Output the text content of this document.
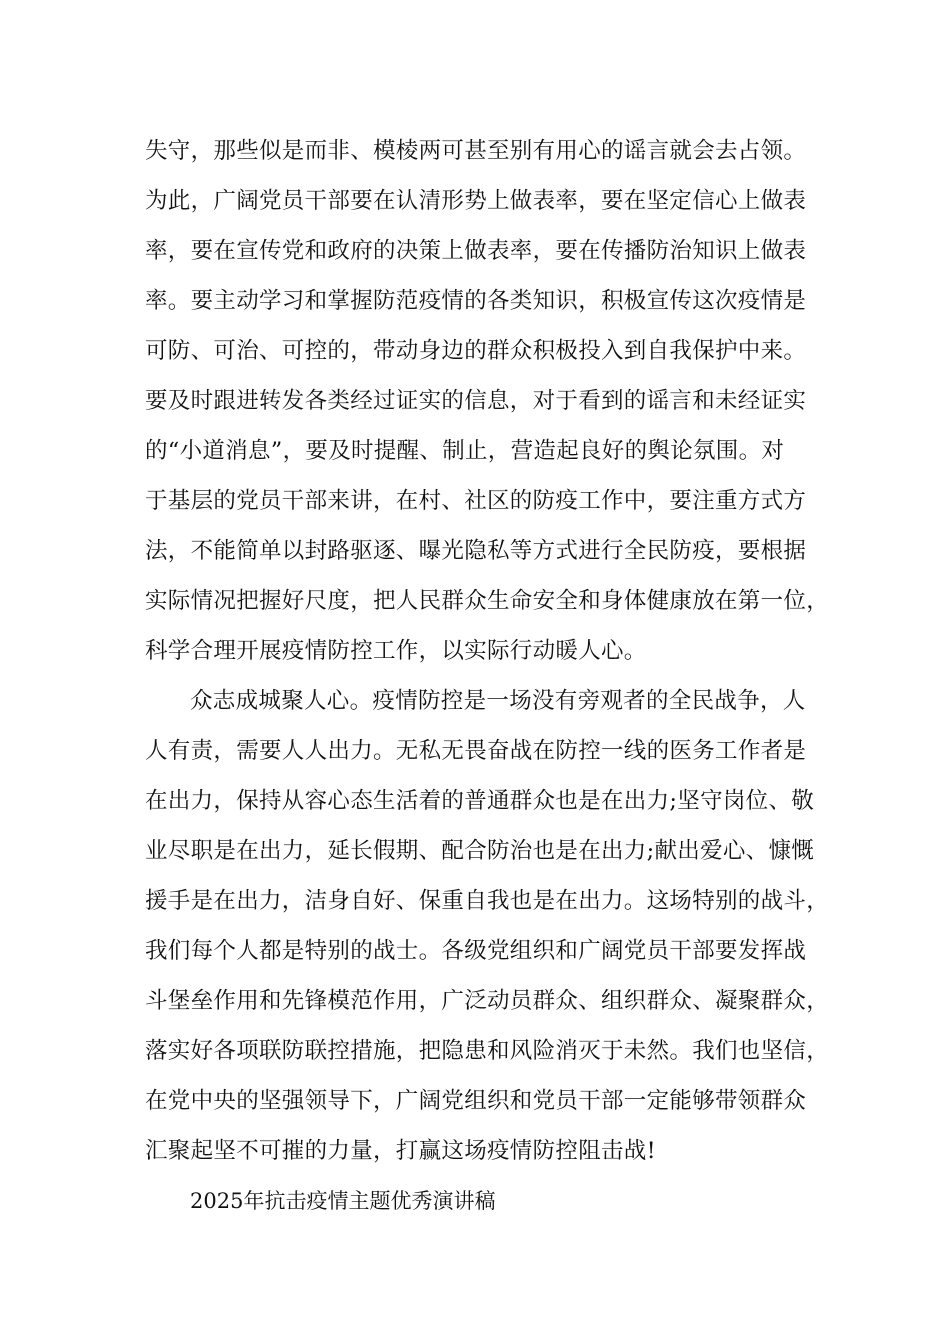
失守，那些似是而非、模棱两可甚至别有用心的谣言就会去占领。
为此，广阔党员干部要在认清形势上做表率，要在坚定信心上做表
率，要在宣传党和政府的决策上做表率，要在传播防治知识上做表
率。要主动学习和掌握防范疫情的各类知识，积极宣传这次疫情是
可防、可治、可控的，带动身边的群众积极投入到自我保护中来。
要及时跟进转发各类经过证实的信息，对于看到的谣言和未经证实
的“小道消息”，要及时提醒、制止，营造起良好的舆论氛围。对
于基层的党员干部来讲，在村、社区的防疫工作中，要注重方式方
法，不能简单以封路驱逐、曝光隐私等方式进行全民防疫，要根据
实际情况把握好尺度，把人民群众生命安全和身体健康放在第一位，
科学合理开展疫情防控工作，以实际行动暖人心。
众志成城聚人心。疫情防控是一场没有旁观者的全民战争，人
人有责，需要人人出力。无私无畏奋战在防控一线的医务工作者是
在出力，保持从容心态生活着的普通群众也是在出力;坚守岗位、敬
业尽职是在出力，延长假期、配合防治也是在出力;献出爱心、慷慨
援手是在出力，洁身自好、保重自我也是在出力。这场特别的战斗，
我们每个人都是特别的战士。各级党组织和广阔党员干部要发挥战
斗堡垒作用和先锋模范作用，广泛动员群众、组织群众、凝聚群众，
落实好各项联防联控措施，把隐患和风险消灭于未然。我们也坚信，
在党中央的坚强领导下，广阔党组织和党员干部一定能够带领群众
汇聚起坚不可摧的力量，打赢这场疫情防控阻击战!
2025年抗击疫情主题优秀演讲稿
